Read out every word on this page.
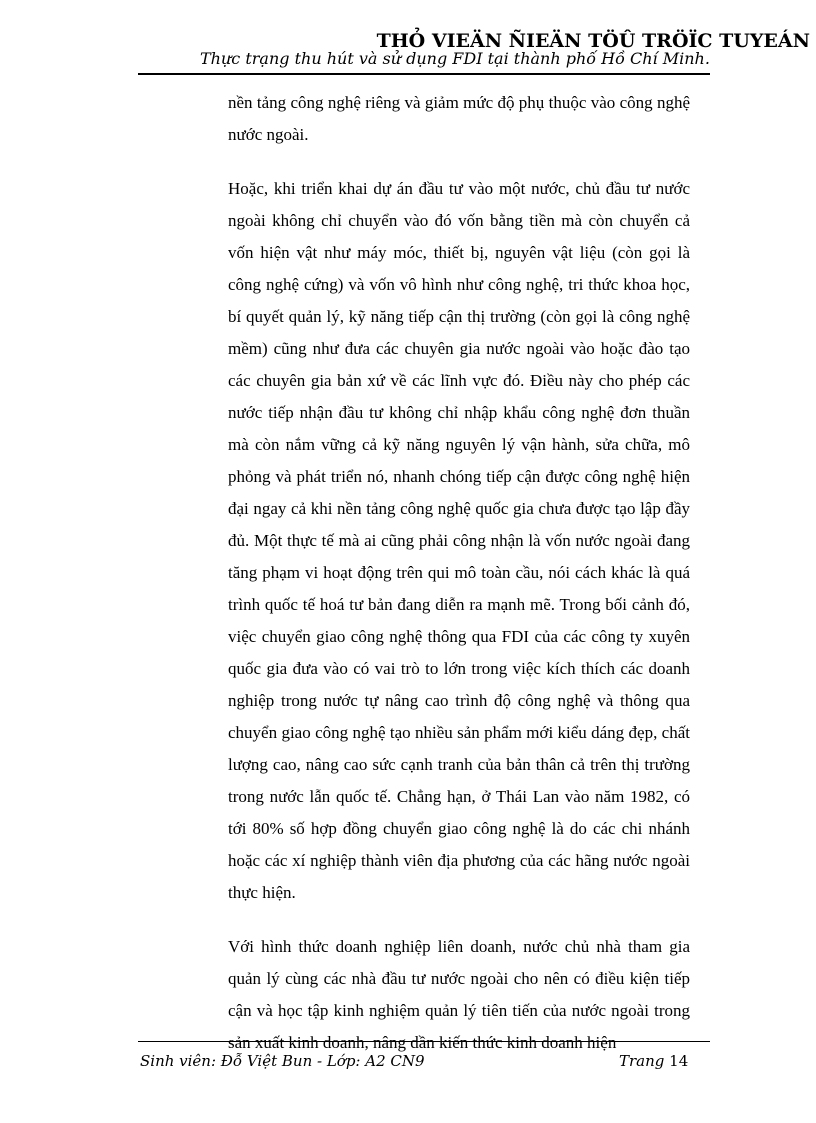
THỎ VIEÄN ÑIEÄN TÖÛ TRÖÏC TUYEÁN
Thực trạng thu hút và sử dụng FDI tại thành phố Hồ Chí Minh.

nền tảng công nghệ riêng và giảm mức độ phụ thuộc vào công nghệ nước ngoài.

Hoặc, khi triển khai dự án đầu tư vào một nước, chủ đầu tư nước ngoài không chỉ chuyển vào đó vốn bằng tiền mà còn chuyển cả vốn hiện vật như máy móc, thiết bị, nguyên vật liệu (còn gọi là công nghệ cứng) và vốn vô hình như công nghệ, tri thức khoa học, bí quyết quản lý, kỹ năng tiếp cận thị trường (còn gọi là công nghệ mềm) cũng như đưa các chuyên gia nước ngoài vào hoặc đào tạo các chuyên gia bản xứ về các lĩnh vực đó. Điều này cho phép các nước tiếp nhận đầu tư không chỉ nhập khẩu công nghệ đơn thuần mà còn nắm vững cả kỹ năng nguyên lý vận hành, sửa chữa, mô phỏng và phát triển nó, nhanh chóng tiếp cận được công nghệ hiện đại ngay cả khi nền tảng công nghệ quốc gia chưa được tạo lập đầy đủ. Một thực tế mà ai cũng phải công nhận là vốn nước ngoài đang tăng phạm vi hoạt động trên qui mô toàn cầu, nói cách khác là quá trình quốc tế hoá tư bản đang diễn ra mạnh mẽ. Trong bối cảnh đó, việc chuyển giao công nghệ thông qua FDI của các công ty xuyên quốc gia đưa vào có vai trò to lớn trong việc kích thích các doanh nghiệp trong nước tự nâng cao trình độ công nghệ và thông qua chuyển giao công nghệ tạo nhiều sản phẩm mới kiểu dáng đẹp, chất lượng cao, nâng cao sức cạnh tranh của bản thân cả trên thị trường trong nước lẫn quốc tế. Chẳng hạn, ở Thái Lan vào năm 1982, có tới 80% số hợp đồng chuyển giao công nghệ là do các chi nhánh hoặc các xí nghiệp thành viên địa phương của các hãng nước ngoài thực hiện.

Với hình thức doanh nghiệp liên doanh, nước chủ nhà tham gia quản lý cùng các nhà đầu tư nước ngoài cho nên có điều kiện tiếp cận và học tập kinh nghiệm quản lý tiên tiến của nước ngoài trong sản xuất kinh doanh, nâng dần kiến thức kinh doanh hiện

Sinh viên: Đỗ Việt Bun - Lớp: A2 CN9	Trang 14
